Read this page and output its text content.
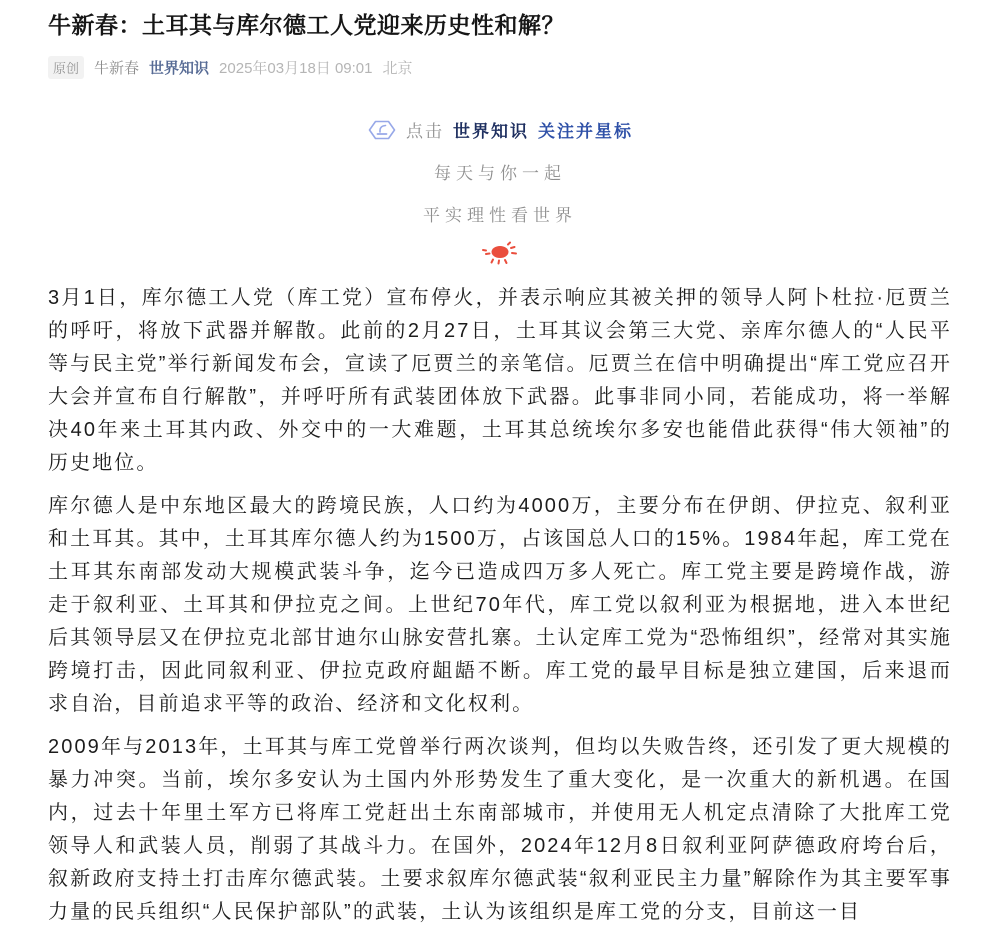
牛新春：土耳其与库尔德工人党迎来历史性和解？
原创	牛新春 世界知识 2025年03月18日 09:01 北京
点击 世界知识 关注并星标
每天与你一起
平实理性看世界

3月1日，库尔德工人党（库工党）宣布停火，并表示响应其被关押的领导人阿卜杜拉·厄贾兰的呼吁，将放下武器并解散。此前的2月27日，土耳其议会第三大党、亲库尔德人的“人民平等与民主党”举行新闻发布会，宣读了厄贾兰的亲笔信。厄贾兰在信中明确提出“库工党应召开大会并宣布自行解散”，并呼吁所有武装团体放下武器。此事非同小同，若能成功，将一举解决40年来土耳其内政、外交中的一大难题，土耳其总统埃尔多安也能借此获得“伟大领袖”的历史地位。

库尔德人是中东地区最大的跨境民族，人口约为4000万，主要分布在伊朗、伊拉克、叙利亚和土耳其。其中，土耳其库尔德人约为1500万，占该国总人口的15%。1984年起，库工党在土耳其东南部发动大规模武装斗争，迄今已造成四万多人死亡。库工党主要是跨境作战，游走于叙利亚、土耳其和伊拉克之间。上世纪70年代，库工党以叙利亚为根据地，进入本世纪后其领导层又在伊拉克北部甘迪尔山脉安营扎寨。土认定库工党为“恐怖组织”，经常对其实施跨境打击，因此同叙利亚、伊拉克政府龃龉不断。库工党的最早目标是独立建国，后来退而求自治，目前追求平等的政治、经济和文化权利。

2009年与2013年，土耳其与库工党曾举行两次谈判，但均以失败告终，还引发了更大规模的暴力冲突。当前，埃尔多安认为土国内外形势发生了重大变化，是一次重大的新机遇。在国内，过去十年里土军方已将库工党赶出土东南部城市，并使用无人机定点清除了大批库工党领导人和武装人员，削弱了其战斗力。在国外，2024年12月8日叙利亚阿萨德政府垮台后，叙新政府支持土打击库尔德武装。土要求叙库尔德武装“叙利亚民主力量”解除作为其主要军事力量的民兵组织“人民保护部队”的武装，土认为该组织是库工党的分支，目前这一目
